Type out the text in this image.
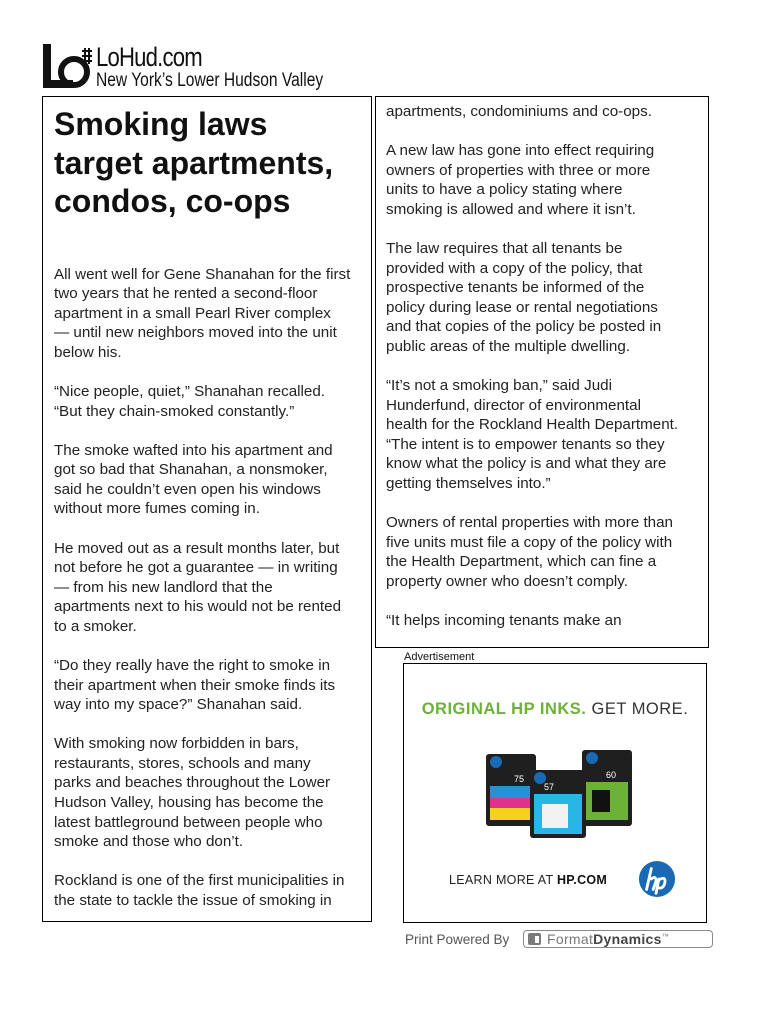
LoHud.com
New York’s Lower Hudson Valley
Smoking laws
target apartments,
condos, co-ops

All went well for Gene Shanahan for the first
two years that he rented a second-floor
apartment in a small Pearl River complex
— until new neighbors moved into the unit
below his.

“Nice people, quiet,” Shanahan recalled.
“But they chain-smoked constantly.”

The smoke wafted into his apartment and
got so bad that Shanahan, a nonsmoker,
said he couldn’t even open his windows
without more fumes coming in.

He moved out as a result months later, but
not before he got a guarantee — in writing
— from his new landlord that the
apartments next to his would not be rented
to a smoker.

“Do they really have the right to smoke in
their apartment when their smoke finds its
way into my space?” Shanahan said.

With smoking now forbidden in bars,
restaurants, stores, schools and many
parks and beaches throughout the Lower
Hudson Valley, housing has become the
latest battleground between people who
smoke and those who don’t.

Rockland is one of the first municipalities in
the state to tackle the issue of smoking in

apartments, condominiums and co-ops.

A new law has gone into effect requiring
owners of properties with three or more
units to have a policy stating where
smoking is allowed and where it isn’t.

The law requires that all tenants be
provided with a copy of the policy, that
prospective tenants be informed of the
policy during lease or rental negotiations
and that copies of the policy be posted in
public areas of the multiple dwelling.

“It’s not a smoking ban,” said Judi
Hunderfund, director of environmental
health for the Rockland Health Department.
“The intent is to empower tenants so they
know what the policy is and what they are
getting themselves into.”

Owners of rental properties with more than
five units must file a copy of the policy with
the Health Department, which can fine a
property owner who doesn’t comply.

“It helps incoming tenants make an

Advertisement
ORIGINAL HP INKS. GET MORE.
75	60
57
LEARN MORE AT HP.COM
Print Powered By	FormatDynamics™
